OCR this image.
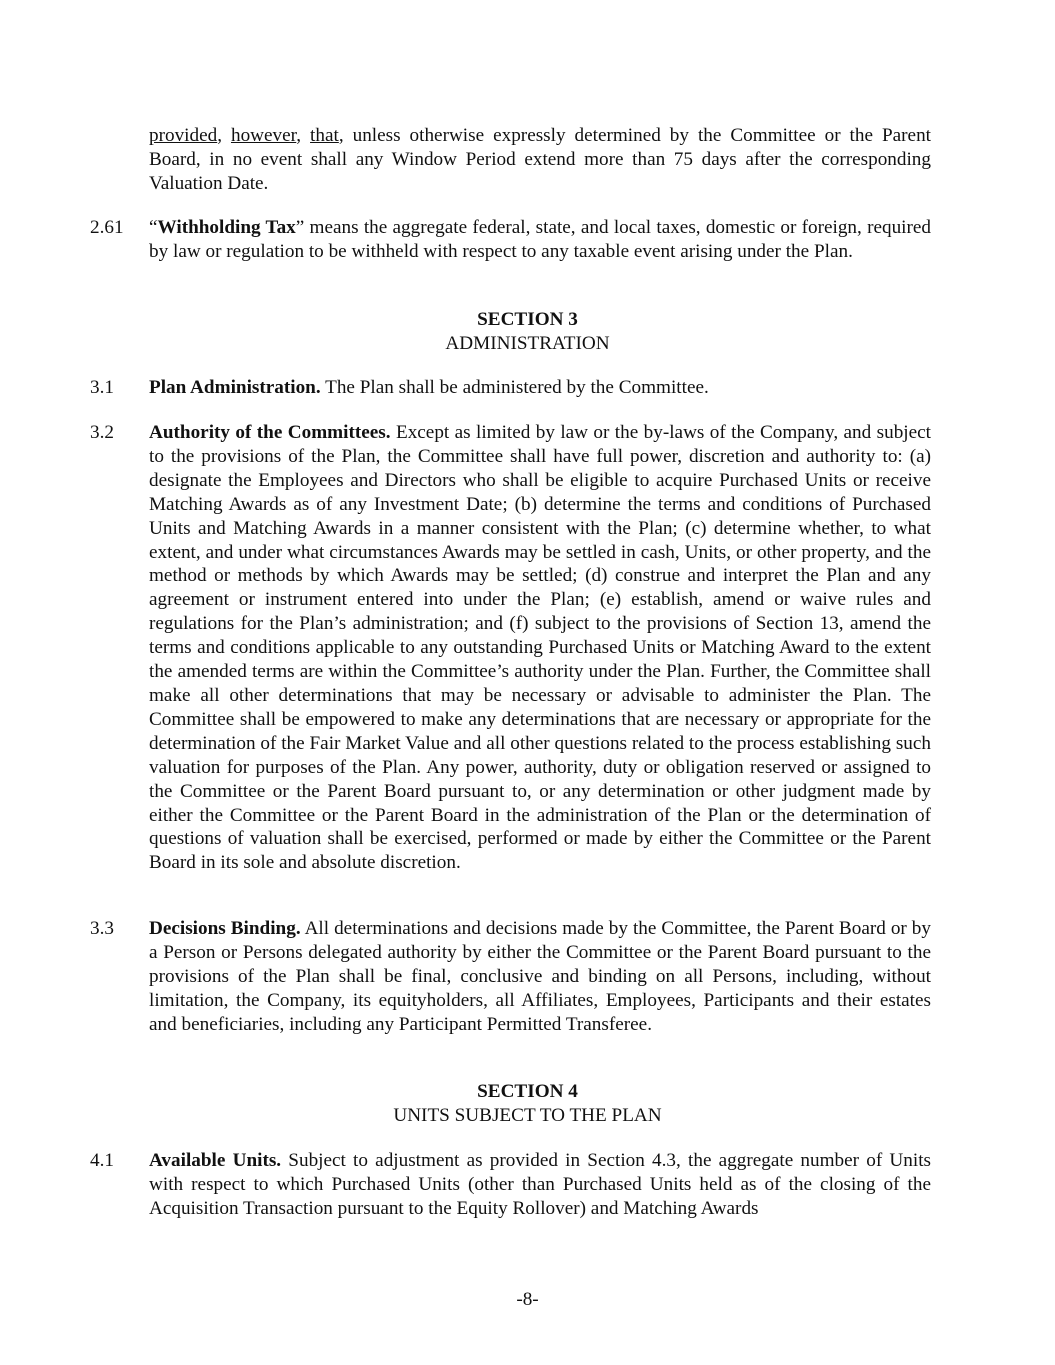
provided, however, that, unless otherwise expressly determined by the Committee or the Parent Board, in no event shall any Window Period extend more than 75 days after the corresponding Valuation Date.
2.61 “Withholding Tax” means the aggregate federal, state, and local taxes, domestic or foreign, required by law or regulation to be withheld with respect to any taxable event arising under the Plan.
SECTION 3
ADMINISTRATION
3.1 Plan Administration. The Plan shall be administered by the Committee.
3.2 Authority of the Committees. Except as limited by law or the by-laws of the Company, and subject to the provisions of the Plan, the Committee shall have full power, discretion and authority to: (a) designate the Employees and Directors who shall be eligible to acquire Purchased Units or receive Matching Awards as of any Investment Date; (b) determine the terms and conditions of Purchased Units and Matching Awards in a manner consistent with the Plan; (c) determine whether, to what extent, and under what circumstances Awards may be settled in cash, Units, or other property, and the method or methods by which Awards may be settled; (d) construe and interpret the Plan and any agreement or instrument entered into under the Plan; (e) establish, amend or waive rules and regulations for the Plan’s administration; and (f) subject to the provisions of Section 13, amend the terms and conditions applicable to any outstanding Purchased Units or Matching Award to the extent the amended terms are within the Committee’s authority under the Plan. Further, the Committee shall make all other determinations that may be necessary or advisable to administer the Plan. The Committee shall be empowered to make any determinations that are necessary or appropriate for the determination of the Fair Market Value and all other questions related to the process establishing such valuation for purposes of the Plan. Any power, authority, duty or obligation reserved or assigned to the Committee or the Parent Board pursuant to, or any determination or other judgment made by either the Committee or the Parent Board in the administration of the Plan or the determination of questions of valuation shall be exercised, performed or made by either the Committee or the Parent Board in its sole and absolute discretion.
3.3 Decisions Binding. All determinations and decisions made by the Committee, the Parent Board or by a Person or Persons delegated authority by either the Committee or the Parent Board pursuant to the provisions of the Plan shall be final, conclusive and binding on all Persons, including, without limitation, the Company, its equityholders, all Affiliates, Employees, Participants and their estates and beneficiaries, including any Participant Permitted Transferee.
SECTION 4
UNITS SUBJECT TO THE PLAN
4.1 Available Units. Subject to adjustment as provided in Section 4.3, the aggregate number of Units with respect to which Purchased Units (other than Purchased Units held as of the closing of the Acquisition Transaction pursuant to the Equity Rollover) and Matching Awards
-8-
